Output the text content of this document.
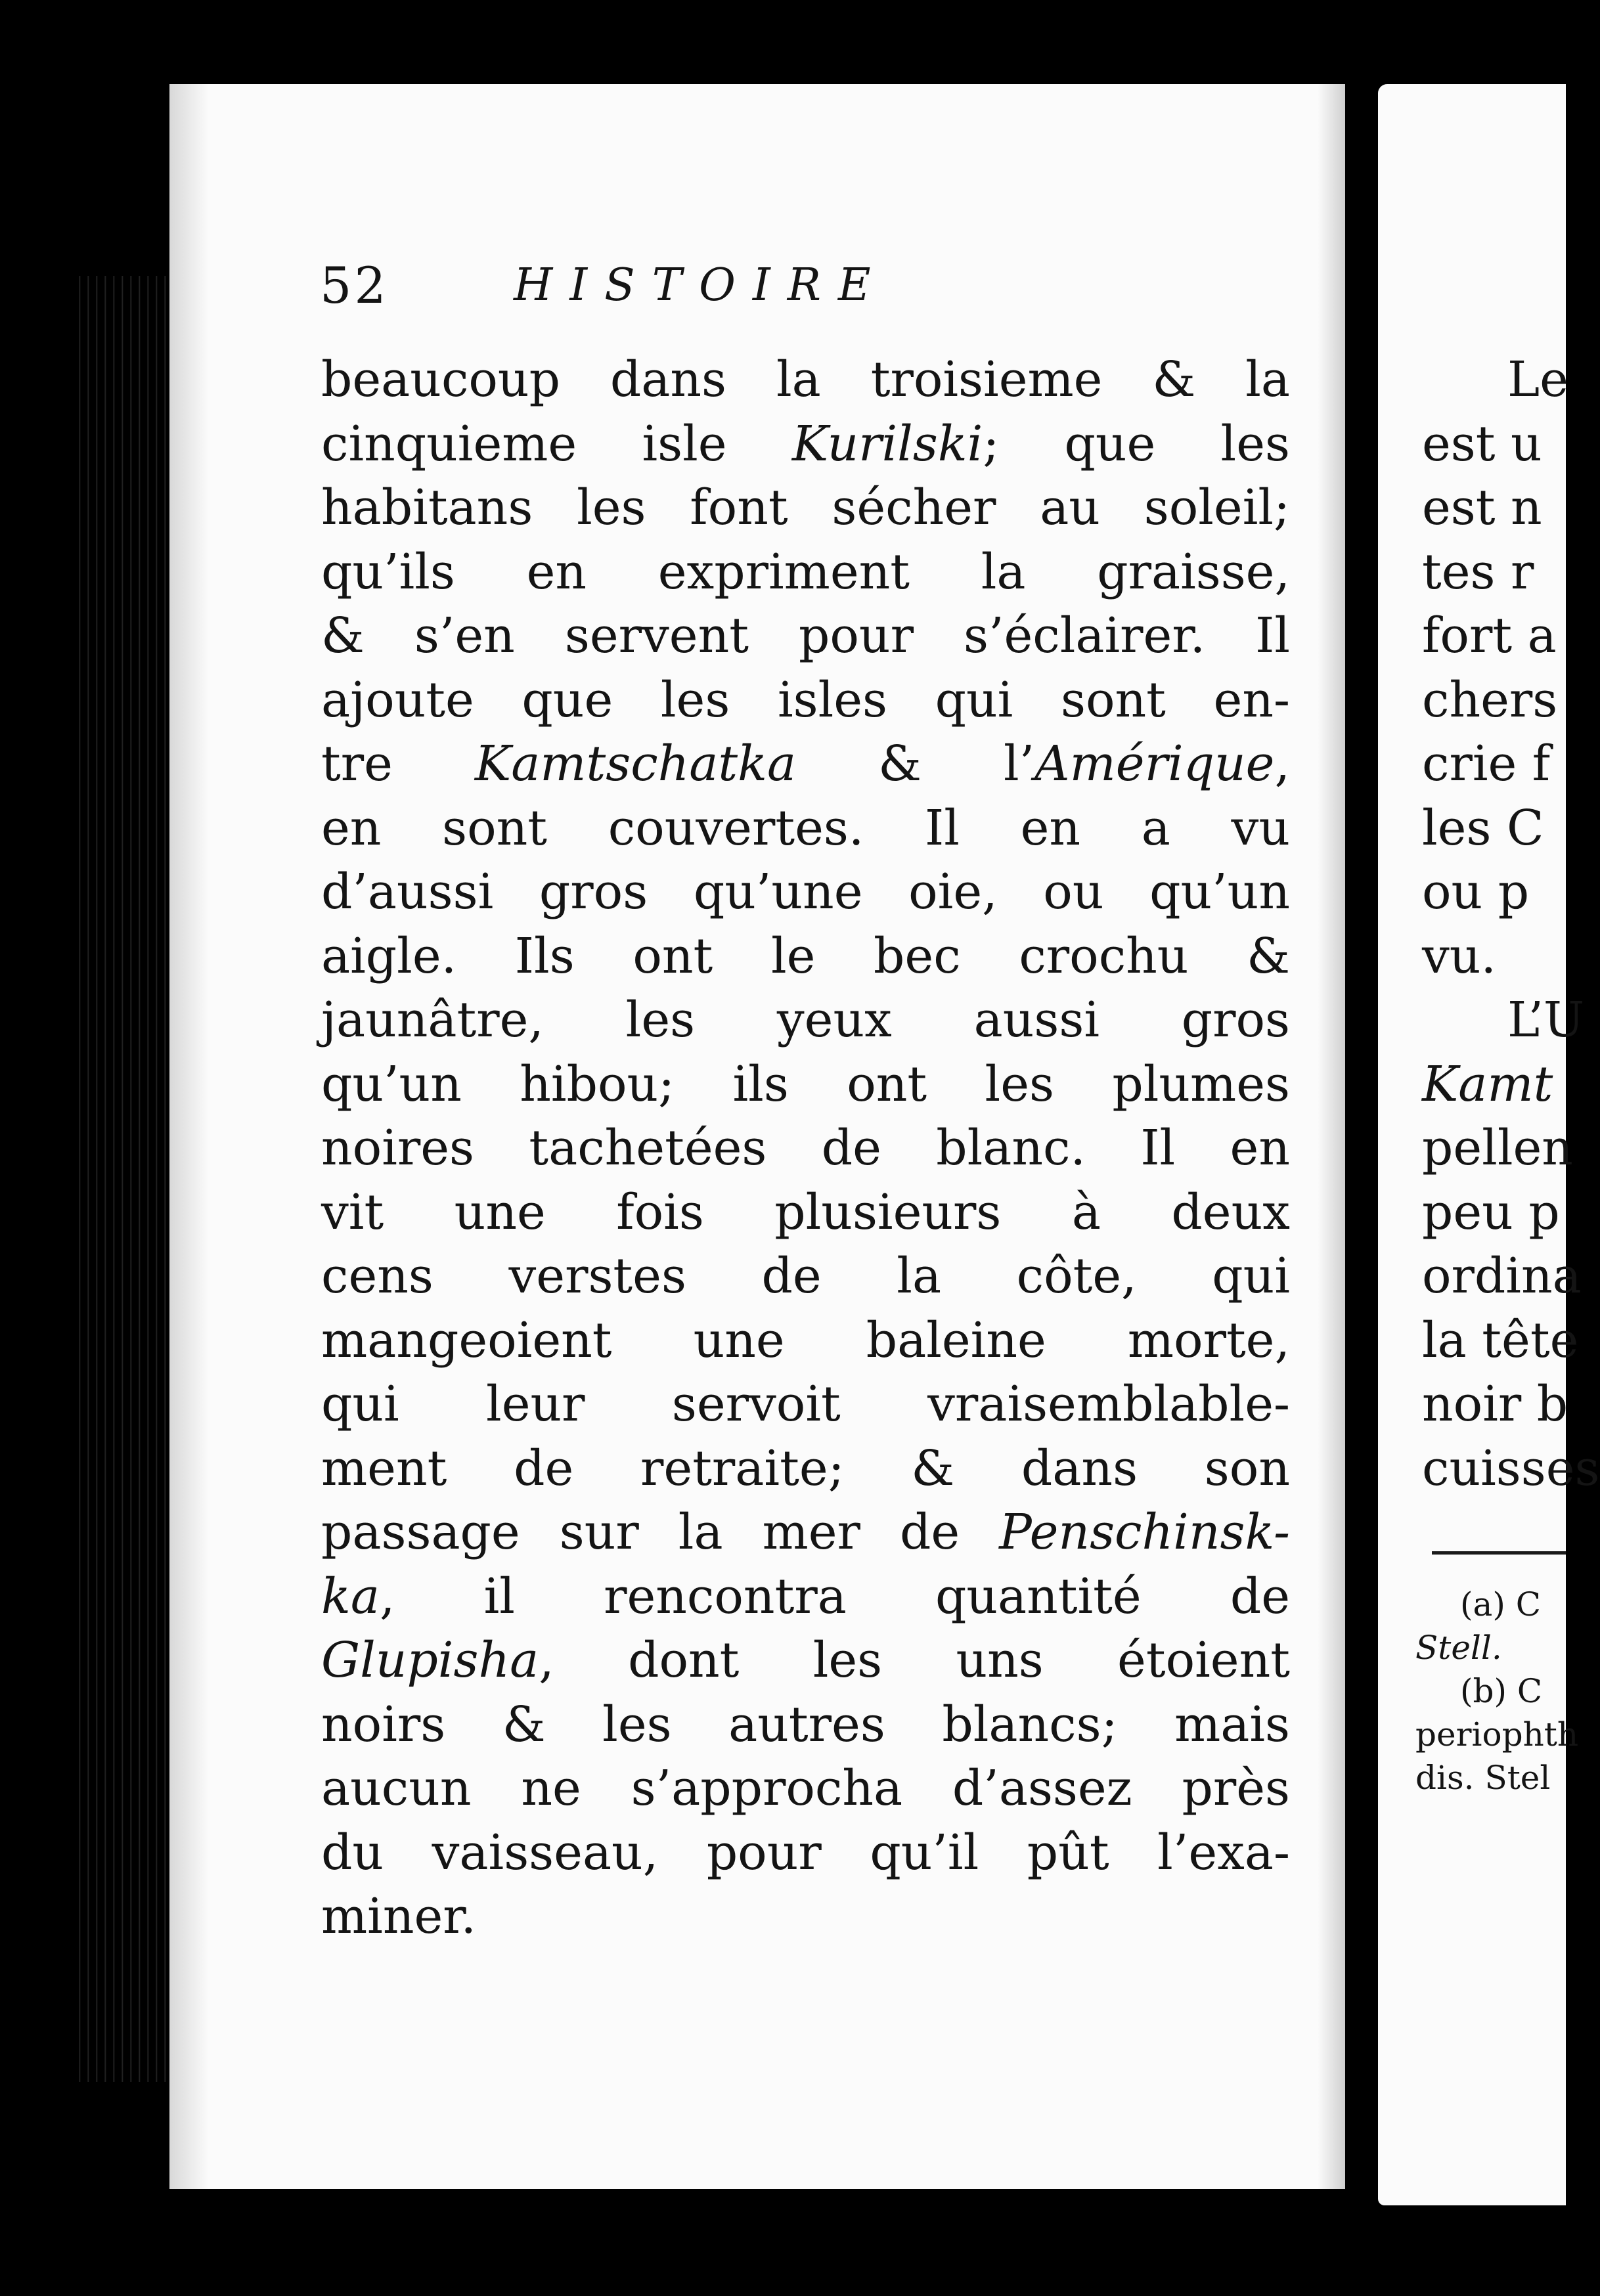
52	HISTOIRE
beaucoup dans la troisieme & la
cinquieme isle Kurilski; que les
habitans les font sécher au soleil;
qu’ils en expriment la graisse,
& s’en servent pour s’éclairer. Il
ajoute que les isles qui sont en-
tre Kamtschatka & l’Amérique,
en sont couvertes. Il en a vu
d’aussi gros qu’une oie, ou qu’un
aigle. Ils ont le bec crochu &
jaunâtre, les yeux aussi gros
qu’un hibou; ils ont les plumes
noires tachetées de blanc. Il en
vit une fois plusieurs à deux
cens verstes de la côte, qui
mangeoient une baleine morte,
qui leur servoit vraisemblable-
ment de retraite; & dans son
passage sur la mer de Penschinsk-
ka, il rencontra quantité de
Glupisha, dont les uns étoient
noirs & les autres blancs; mais
aucun ne s’approcha d’assez près
du vaisseau, pour qu’il pût l’exa-
miner.
Le
est u
est n
tes r
fort a
chers
crie f
les C
ou p
vu.
L’U
Kamt
pellen
peu p
ordina
la tête
noir b
cuisses
(a) C
Stell.
(b) C
periophth
dis. Stel
